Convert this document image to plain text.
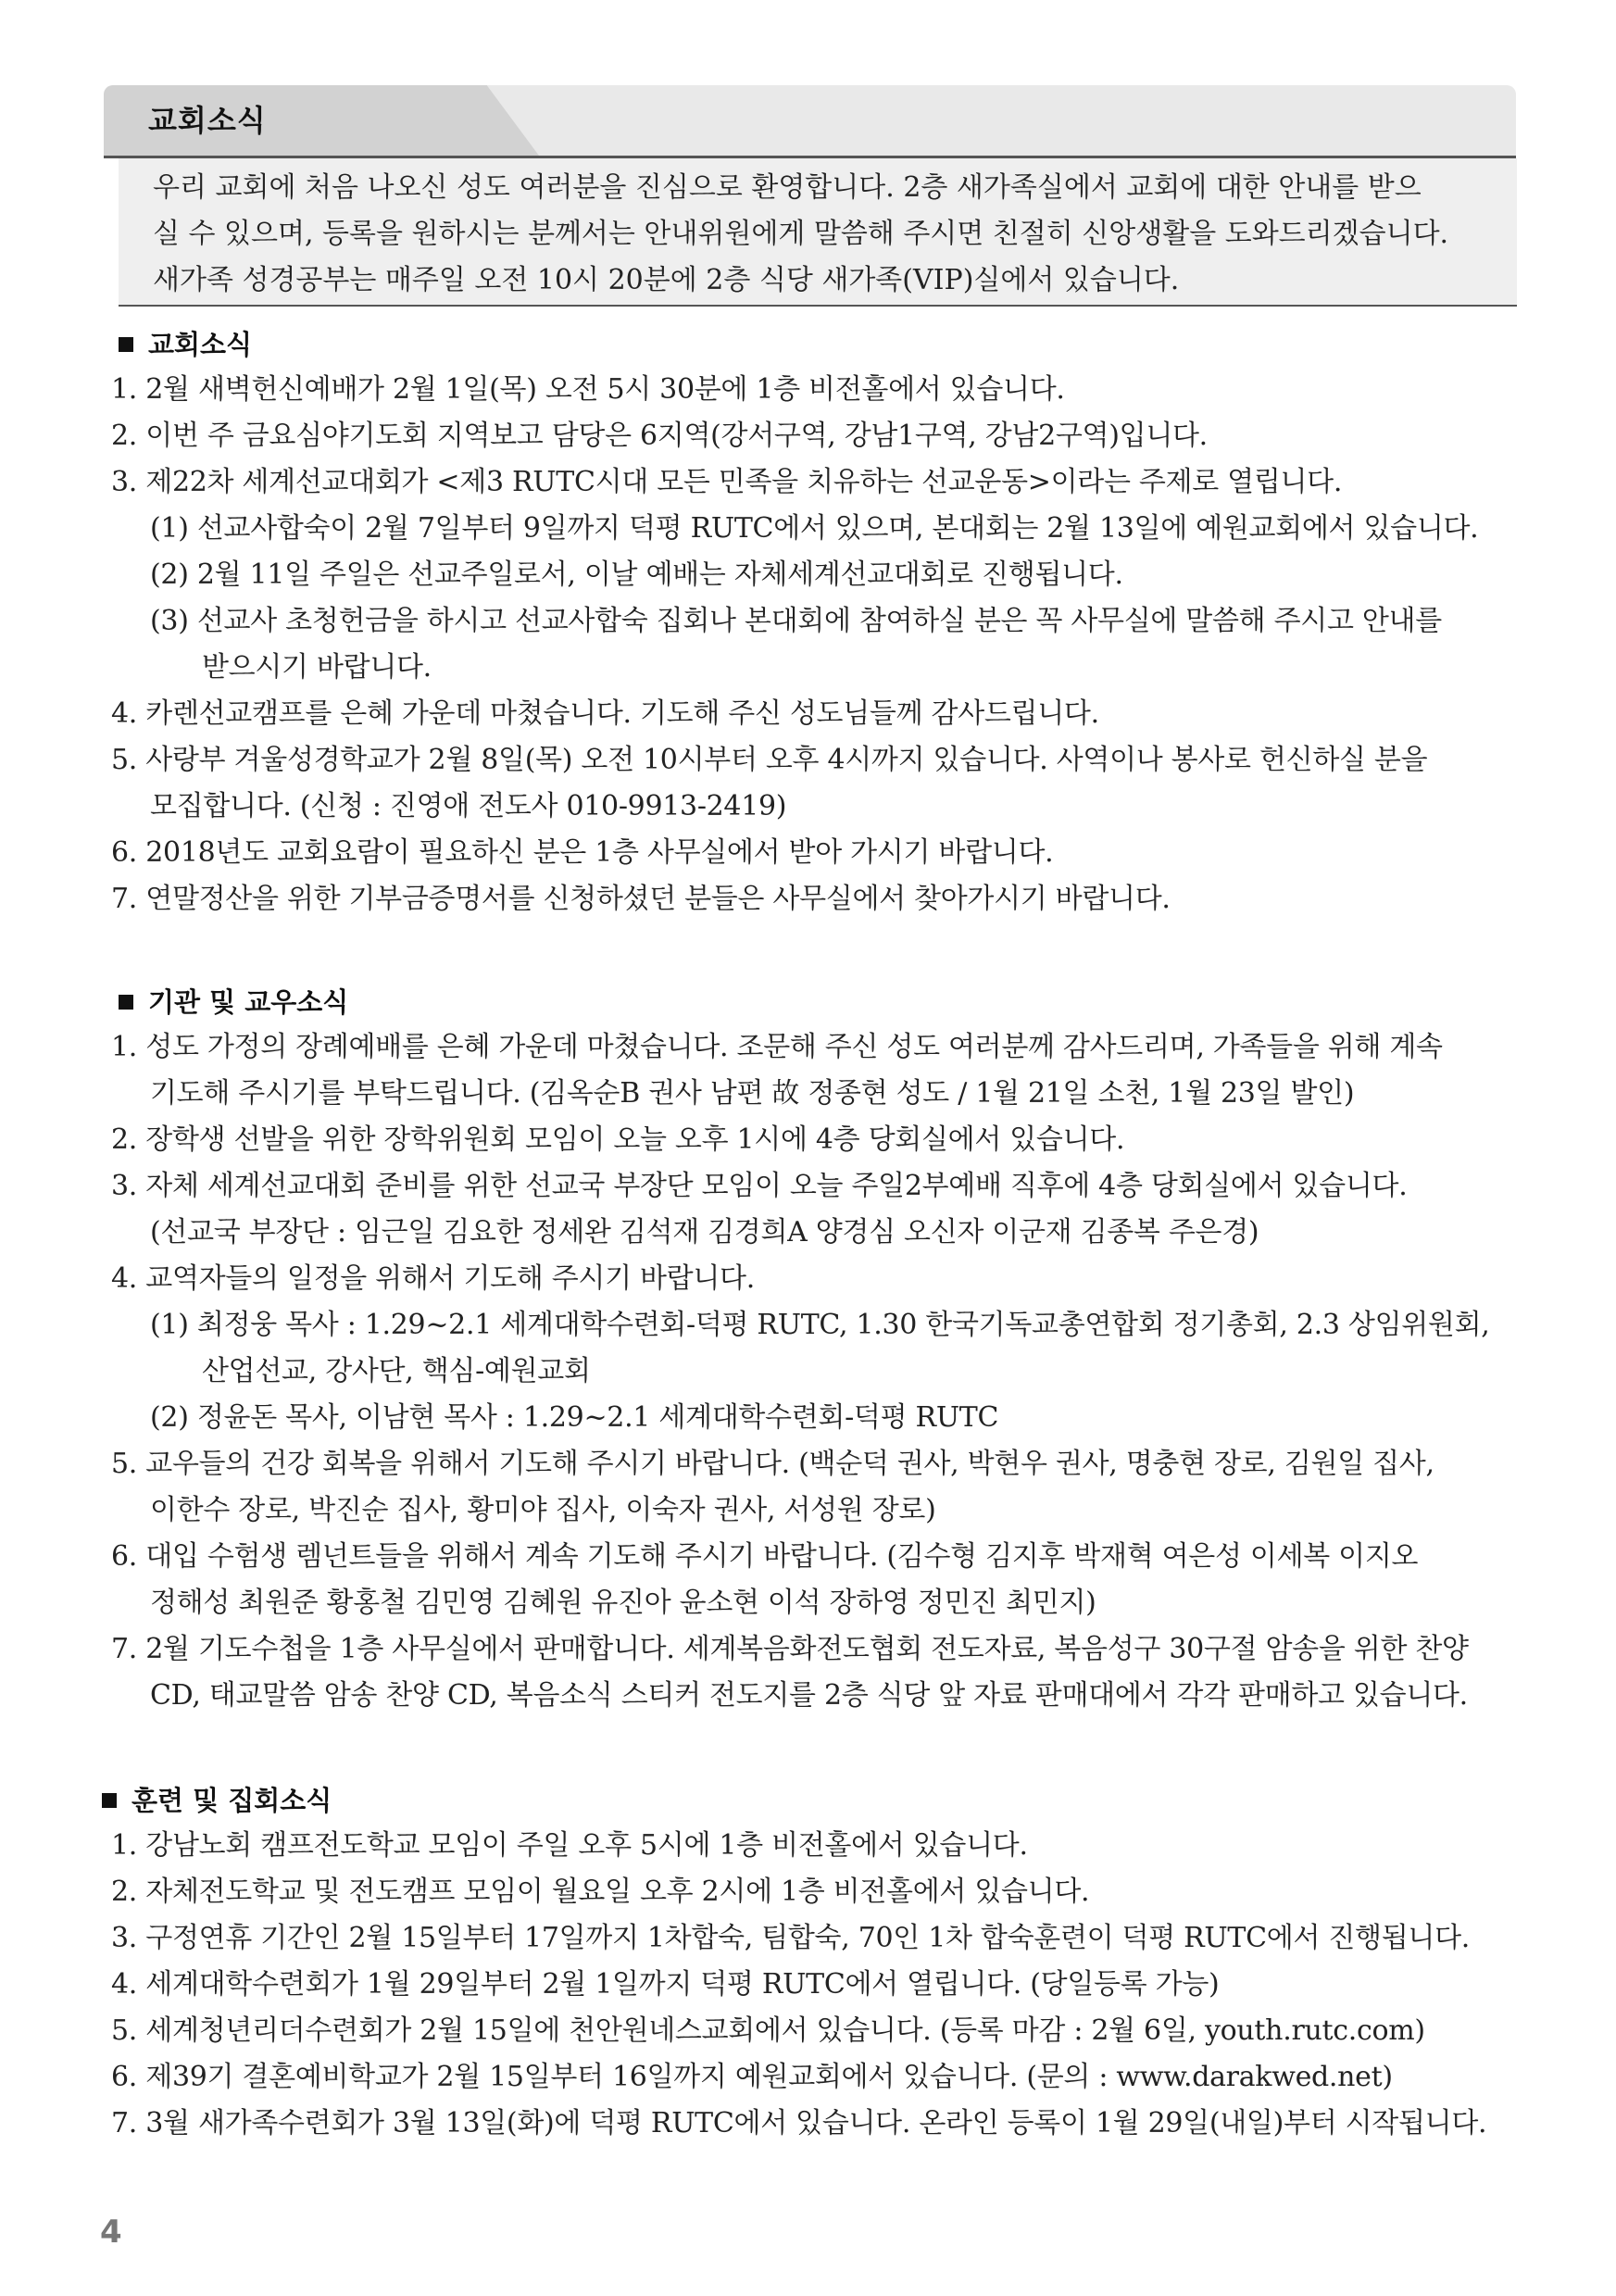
교회소식
우리 교회에 처음 나오신 성도 여러분을 진심으로 환영합니다. 2층 새가족실에서 교회에 대한 안내를 받으
실 수 있으며, 등록을 원하시는 분께서는 안내위원에게 말씀해 주시면 친절히 신앙생활을 도와드리겠습니다.
새가족 성경공부는 매주일 오전 10시 20분에 2층 식당 새가족(VIP)실에서 있습니다.
교회소식
1. 2월 새벽헌신예배가 2월 1일(목) 오전 5시 30분에 1층 비전홀에서 있습니다.
2. 이번 주 금요심야기도회 지역보고 담당은 6지역(강서구역, 강남1구역, 강남2구역)입니다.
3. 제22차 세계선교대회가 <제3 RUTC시대 모든 민족을 치유하는 선교운동>이라는 주제로 열립니다.
(1) 선교사합숙이 2월 7일부터 9일까지 덕평 RUTC에서 있으며, 본대회는 2월 13일에 예원교회에서 있습니다.
(2) 2월 11일 주일은 선교주일로서, 이날 예배는 자체세계선교대회로 진행됩니다.
(3) 선교사 초청헌금을 하시고 선교사합숙 집회나 본대회에 참여하실 분은 꼭 사무실에 말씀해 주시고 안내를
받으시기 바랍니다.
4. 카렌선교캠프를 은혜 가운데 마쳤습니다. 기도해 주신 성도님들께 감사드립니다.
5. 사랑부 겨울성경학교가 2월 8일(목) 오전 10시부터 오후 4시까지 있습니다. 사역이나 봉사로 헌신하실 분을
모집합니다. (신청 : 진영애 전도사 010-9913-2419)
6. 2018년도 교회요람이 필요하신 분은 1층 사무실에서 받아 가시기 바랍니다.
7. 연말정산을 위한 기부금증명서를 신청하셨던 분들은 사무실에서 찾아가시기 바랍니다.
기관 및 교우소식
1. 성도 가정의 장례예배를 은혜 가운데 마쳤습니다. 조문해 주신 성도 여러분께 감사드리며, 가족들을 위해 계속
기도해 주시기를 부탁드립니다. (김옥순B 권사 남편 故 정종현 성도 / 1월 21일 소천, 1월 23일 발인)
2. 장학생 선발을 위한 장학위원회 모임이 오늘 오후 1시에 4층 당회실에서 있습니다.
3. 자체 세계선교대회 준비를 위한 선교국 부장단 모임이 오늘 주일2부예배 직후에 4층 당회실에서 있습니다.
(선교국 부장단 : 임근일 김요한 정세완 김석재 김경희A 양경심 오신자 이군재 김종복 주은경)
4. 교역자들의 일정을 위해서 기도해 주시기 바랍니다.
(1) 최정웅 목사 : 1.29~2.1 세계대학수련회-덕평 RUTC, 1.30 한국기독교총연합회 정기총회, 2.3 상임위원회,
산업선교, 강사단, 핵심-예원교회
(2) 정윤돈 목사, 이남현 목사 : 1.29~2.1 세계대학수련회-덕평 RUTC
5. 교우들의 건강 회복을 위해서 기도해 주시기 바랍니다. (백순덕 권사, 박현우 권사, 명충현 장로, 김원일 집사,
이한수 장로, 박진순 집사, 황미야 집사, 이숙자 권사, 서성원 장로)
6. 대입 수험생 렘넌트들을 위해서 계속 기도해 주시기 바랍니다. (김수형 김지후 박재혁 여은성 이세복 이지오
정해성 최원준 황홍철 김민영 김혜원 유진아 윤소현 이석 장하영 정민진 최민지)
7. 2월 기도수첩을 1층 사무실에서 판매합니다. 세계복음화전도협회 전도자료, 복음성구 30구절 암송을 위한 찬양
CD, 태교말씀 암송 찬양 CD, 복음소식 스티커 전도지를 2층 식당 앞 자료 판매대에서 각각 판매하고 있습니다.
훈련 및 집회소식
1. 강남노회 캠프전도학교 모임이 주일 오후 5시에 1층 비전홀에서 있습니다.
2. 자체전도학교 및 전도캠프 모임이 월요일 오후 2시에 1층 비전홀에서 있습니다.
3. 구정연휴 기간인 2월 15일부터 17일까지 1차합숙, 팀합숙, 70인 1차 합숙훈련이 덕평 RUTC에서 진행됩니다.
4. 세계대학수련회가 1월 29일부터 2월 1일까지 덕평 RUTC에서 열립니다. (당일등록 가능)
5. 세계청년리더수련회가 2월 15일에 천안원네스교회에서 있습니다. (등록 마감 : 2월 6일, youth.rutc.com)
6. 제39기 결혼예비학교가 2월 15일부터 16일까지 예원교회에서 있습니다. (문의 : www.darakwed.net)
7. 3월 새가족수련회가 3월 13일(화)에 덕평 RUTC에서 있습니다. 온라인 등록이 1월 29일(내일)부터 시작됩니다.
4
